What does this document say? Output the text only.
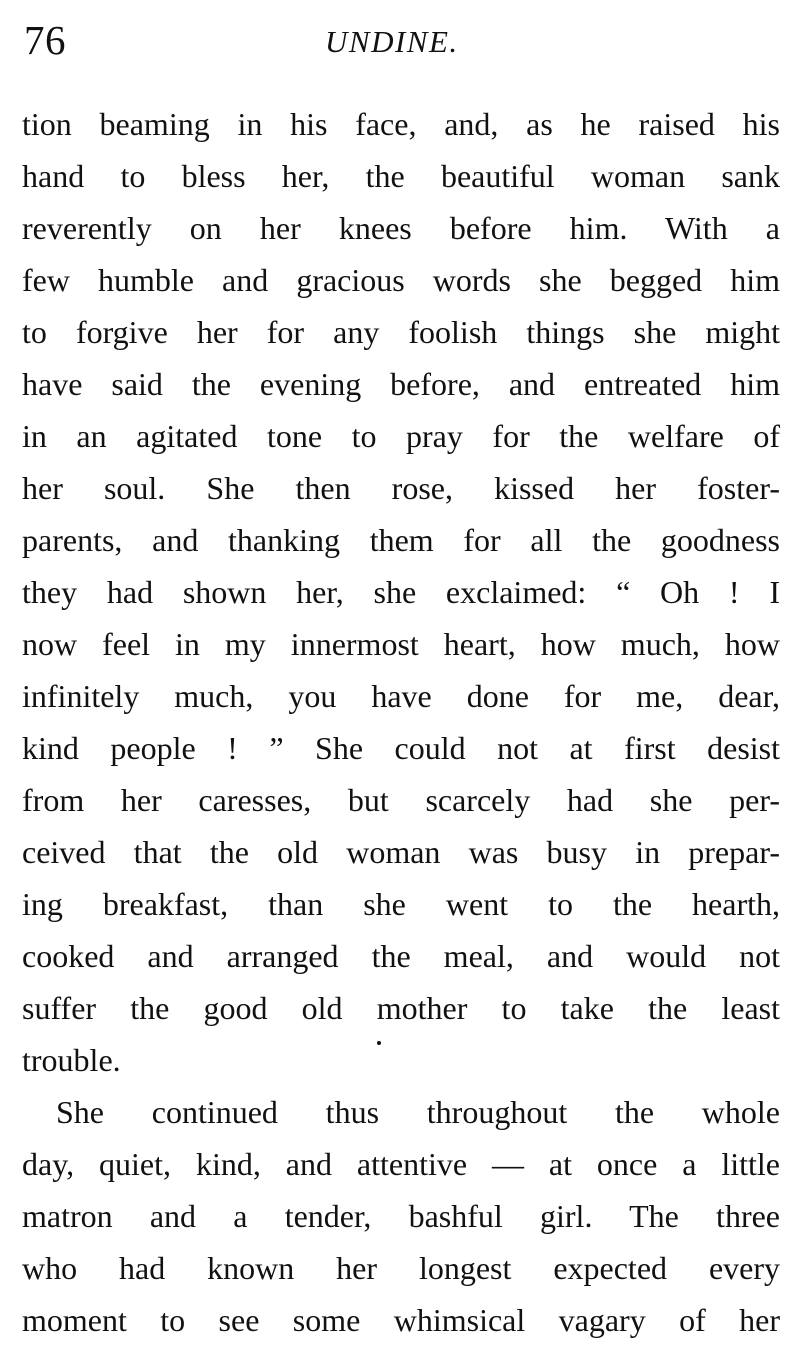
76	UNDINE.
tion beaming in his face, and, as he raised his
hand to bless her, the beautiful woman sank
reverently on her knees before him. With a
few humble and gracious words she begged him
to forgive her for any foolish things she might
have said the evening before, and entreated him
in an agitated tone to pray for the welfare of
her soul. She then rose, kissed her foster-
parents, and thanking them for all the goodness
they had shown her, she exclaimed: “ Oh ! I
now feel in my innermost heart, how much, how
infinitely much, you have done for me, dear,
kind people ! ” She could not at first desist
from her caresses, but scarcely had she per-
ceived that the old woman was busy in prepar-
ing breakfast, than she went to the hearth,
cooked and arranged the meal, and would not
suffer the good old mother to take the least
trouble.
She continued thus throughout the whole
day, quiet, kind, and attentive — at once a little
matron and a tender, bashful girl. The three
who had known her longest expected every
moment to see some whimsical vagary of her
